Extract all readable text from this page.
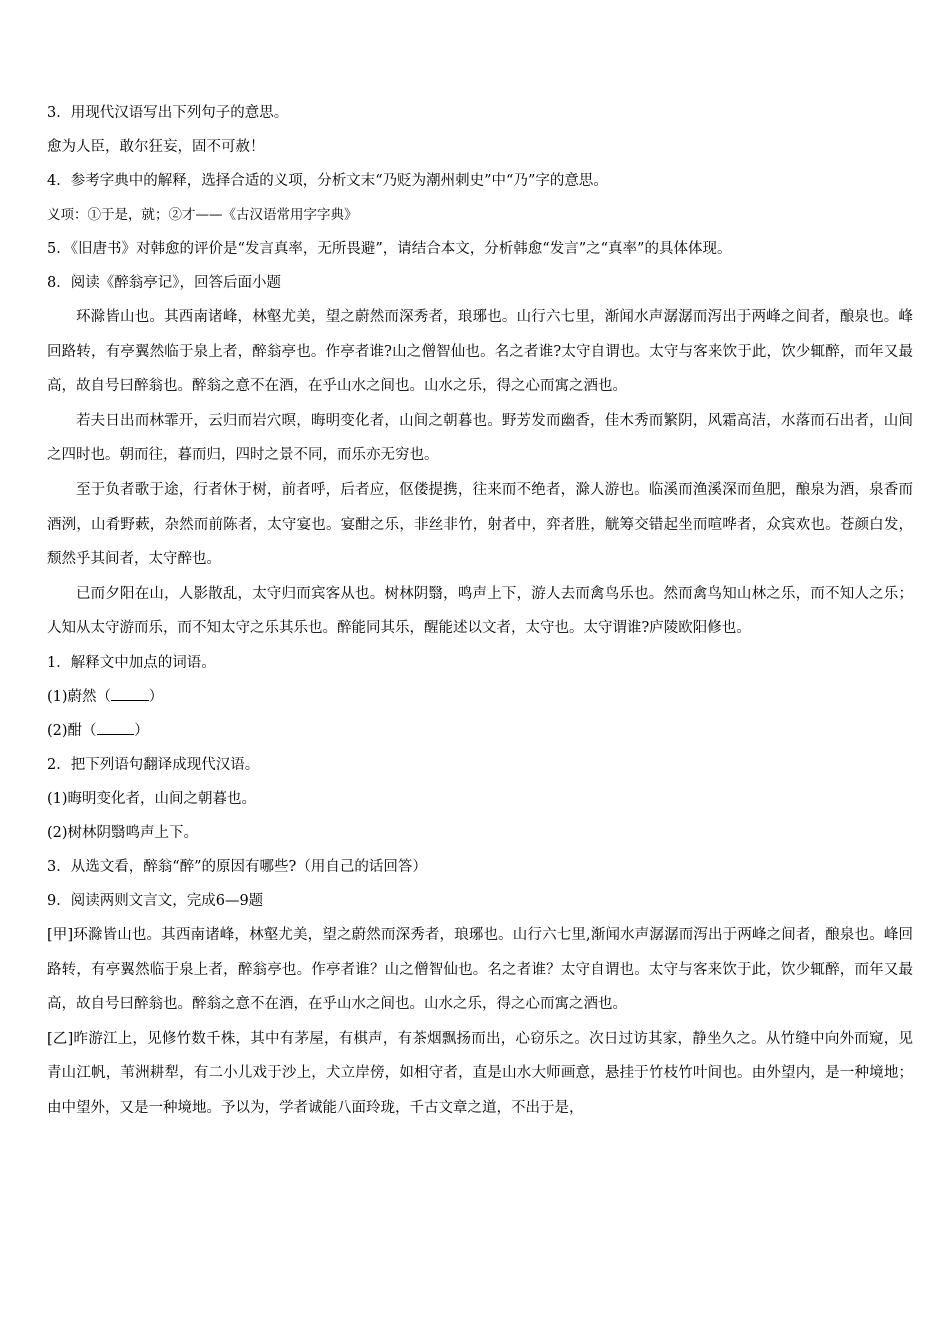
3．用现代汉语写出下列句子的意思。
愈为人臣，敢尔狂妄，固不可赦！
4．参考字典中的解释，选择合适的义项，分析文末“乃贬为潮州刺史”中“乃”字的意思。
义项：①于是，就；②才——《古汉语常用字字典》
5．《旧唐书》对韩愈的评价是“发言真率，无所畏避”，请结合本文，分析韩愈“发言”之“真率”的具体体现。
8．阅读《醉翁亭记》，回答后面小题

环滁皆山也。其西南诸峰，林壑尤美，望之蔚然而深秀者，琅琊也。山行六七里，渐闻水声潺潺而泻出于两峰之间者，酿泉也。峰回路转，有亭翼然临于泉上者，醉翁亭也。作亭者谁?山之僧智仙也。名之者谁?太守自谓也。太守与客来饮于此，饮少辄醉，而年又最高，故自号曰醉翁也。醉翁之意不在酒，在乎山水之间也。山水之乐，得之心而寓之酒也。

若夫日出而林霏开，云归而岩穴暝，晦明变化者，山间之朝暮也。野芳发而幽香，佳木秀而繁阴，风霜高洁，水落而石出者，山间之四时也。朝而往，暮而归，四时之景不同，而乐亦无穷也。

至于负者歌于途，行者休于树，前者呼，后者应，伛偻提携，往来而不绝者，滁人游也。临溪而渔溪深而鱼肥，酿泉为酒，泉香而酒洌，山肴野蔌，杂然而前陈者，太守宴也。宴酣之乐，非丝非竹，射者中，弈者胜，觥筹交错起坐而喧哗者，众宾欢也。苍颜白发，颓然乎其间者，太守醉也。

已而夕阳在山，人影散乱，太守归而宾客从也。树林阴翳，鸣声上下，游人去而禽鸟乐也。然而禽鸟知山林之乐，而不知人之乐；人知从太守游而乐，而不知太守之乐其乐也。醉能同其乐，醒能述以文者，太守也。太守谓谁?庐陵欧阳修也。

1．解释文中加点的词语。
(1)蔚然（	）
(2)酣（	）
2．把下列语句翻译成现代汉语。
(1)晦明变化者，山间之朝暮也。
(2)树林阴翳鸣声上下。
3．从选文看，醉翁“醉”的原因有哪些?（用自己的话回答）
9．阅读两则文言文，完成6—9题

[甲]环滁皆山也。其西南诸峰，林壑尤美，望之蔚然而深秀者，琅琊也。山行六七里,渐闻水声潺潺而泻出于两峰之间者，酿泉也。峰回路转，有亭翼然临于泉上者，醉翁亭也。作亭者谁？山之僧智仙也。名之者谁？太守自谓也。太守与客来饮于此，饮少辄醉，而年又最高，故自号曰醉翁也。醉翁之意不在酒，在乎山水之间也。山水之乐，得之心而寓之酒也。

[乙]昨游江上，见修竹数千株，其中有茅屋，有棋声，有茶烟飘扬而出，心窃乐之。次日过访其家，静坐久之。从竹缝中向外而窥，见青山江帆，苇洲耕犁，有二小儿戏于沙上，犬立岸傍，如相守者，直是山水大师画意，悬挂于竹枝竹叶间也。由外望内，是一种境地；由中望外，又是一种境地。予以为，学者诚能八面玲珑，千古文章之道，不出于是，
